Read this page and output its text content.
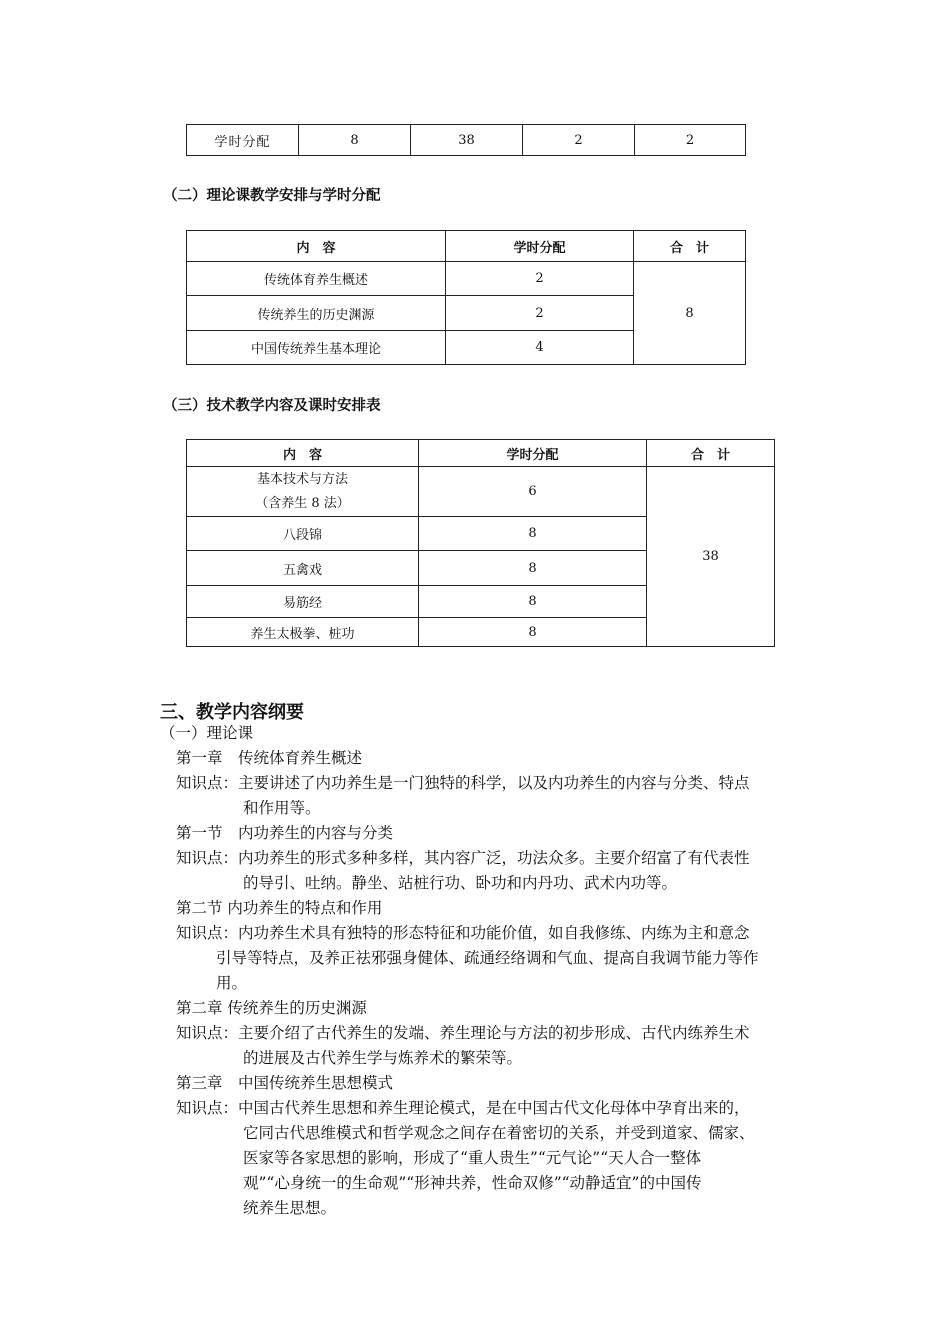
学时分配	8	38	2	2
（二）理论课教学安排与学时分配
内　容	学时分配	合　计
传统体育养生概述	2	8
传统养生的历史渊源	2	
中国传统养生基本理论	4	
（三）技术教学内容及课时安排表
内　容	学时分配	合　计

基本技术与方法
（含养生 8 法）	6	38
八段锦	8	
五禽戏	8	
易筋经	8	
养生太极拳、桩功	8	
三、教学内容纲要
（一）理论课
第一章　传统体育养生概述
知识点：主要讲述了内功养生是一门独特的科学，以及内功养生的内容与分类、特点
和作用等。
第一节　内功养生的内容与分类
知识点：内功养生的形式多种多样，其内容广泛，功法众多。主要介绍富了有代表性
的导引、吐纳。静坐、站桩行功、卧功和内丹功、武术内功等。
第二节 内功养生的特点和作用
知识点：内功养生术具有独特的形态特征和功能价值，如自我修练、内练为主和意念
引导等特点，及养正祛邪强身健体、疏通经络调和气血、提高自我调节能力等作
用。
第二章 传统养生的历史渊源
知识点：主要介绍了古代养生的发端、养生理论与方法的初步形成、古代内练养生术
的进展及古代养生学与炼养术的繁荣等。
第三章　中国传统养生思想模式
知识点：中国古代养生思想和养生理论模式，是在中国古代文化母体中孕育出来的，
它同古代思维模式和哲学观念之间存在着密切的关系，并受到道家、儒家、
医家等各家思想的影响，形成了“重人贵生”“元气论”“天人合一整体
观”“心身统一的生命观”“形神共养，性命双修”“动静适宜”的中国传
统养生思想。
